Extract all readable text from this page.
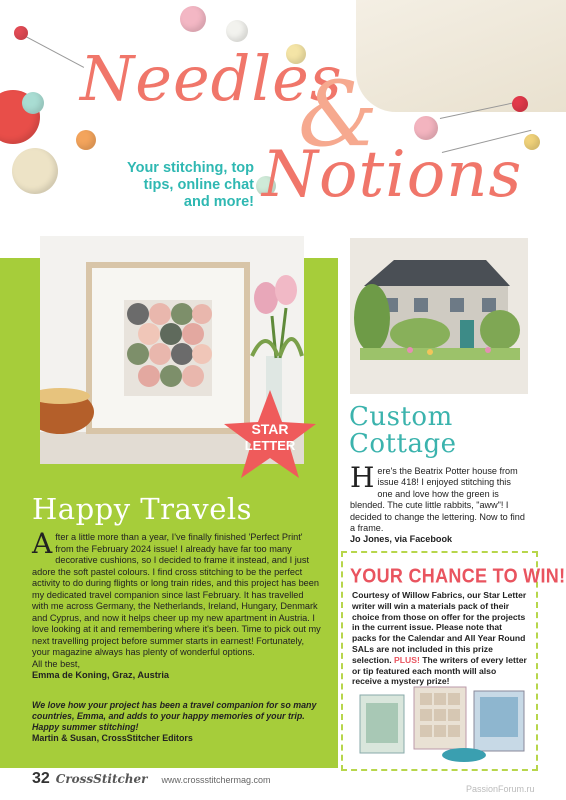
Needles
&
Notions
Your stitching, top tips, online chat and more!
STAR
LETTER
Happy Travels
After a little more than a year, I've finally finished 'Perfect Print' from the February 2024 issue! I already have far too many decorative cushions, so I decided to frame it instead, and I just adore the soft pastel colours. I find cross stitching to be the perfect activity to do during flights or long train rides, and this project has been my dedicated travel companion since last February. It has travelled with me across Germany, the Netherlands, Ireland, Hungary, Denmark and Cyprus, and now it helps cheer up my new apartment in Austria. I love looking at it and remembering where it's been. Time to pick out my next travelling project before summer starts in earnest! Fortunately, your magazine always has plenty of wonderful options.
All the best,
Emma de Koning, Graz, Austria
We love how your project has been a travel companion for so many countries, Emma, and adds to your happy memories of your trip. Happy summer stitching!
Martin & Susan, CrossStitcher Editors
Custom
Cottage
Here's the Beatrix Potter house from issue 418! I enjoyed stitching this one and love how the green is blended. The cute little rabbits, "aww"! I decided to change the lettering. Now to find a frame.
Jo Jones, via Facebook
YOUR CHANCE TO WIN!
Courtesy of Willow Fabrics, our Star Letter writer will win a materials pack of their choice from those on offer for the projects in the current issue. Please note that packs for the Calendar and All Year Round SALs are not included in this prize selection. PLUS! The writers of every letter or tip featured each month will also receive a mystery prize!
32 CrossStitcher www.crossstitchermag.com
PassionForum.ru
